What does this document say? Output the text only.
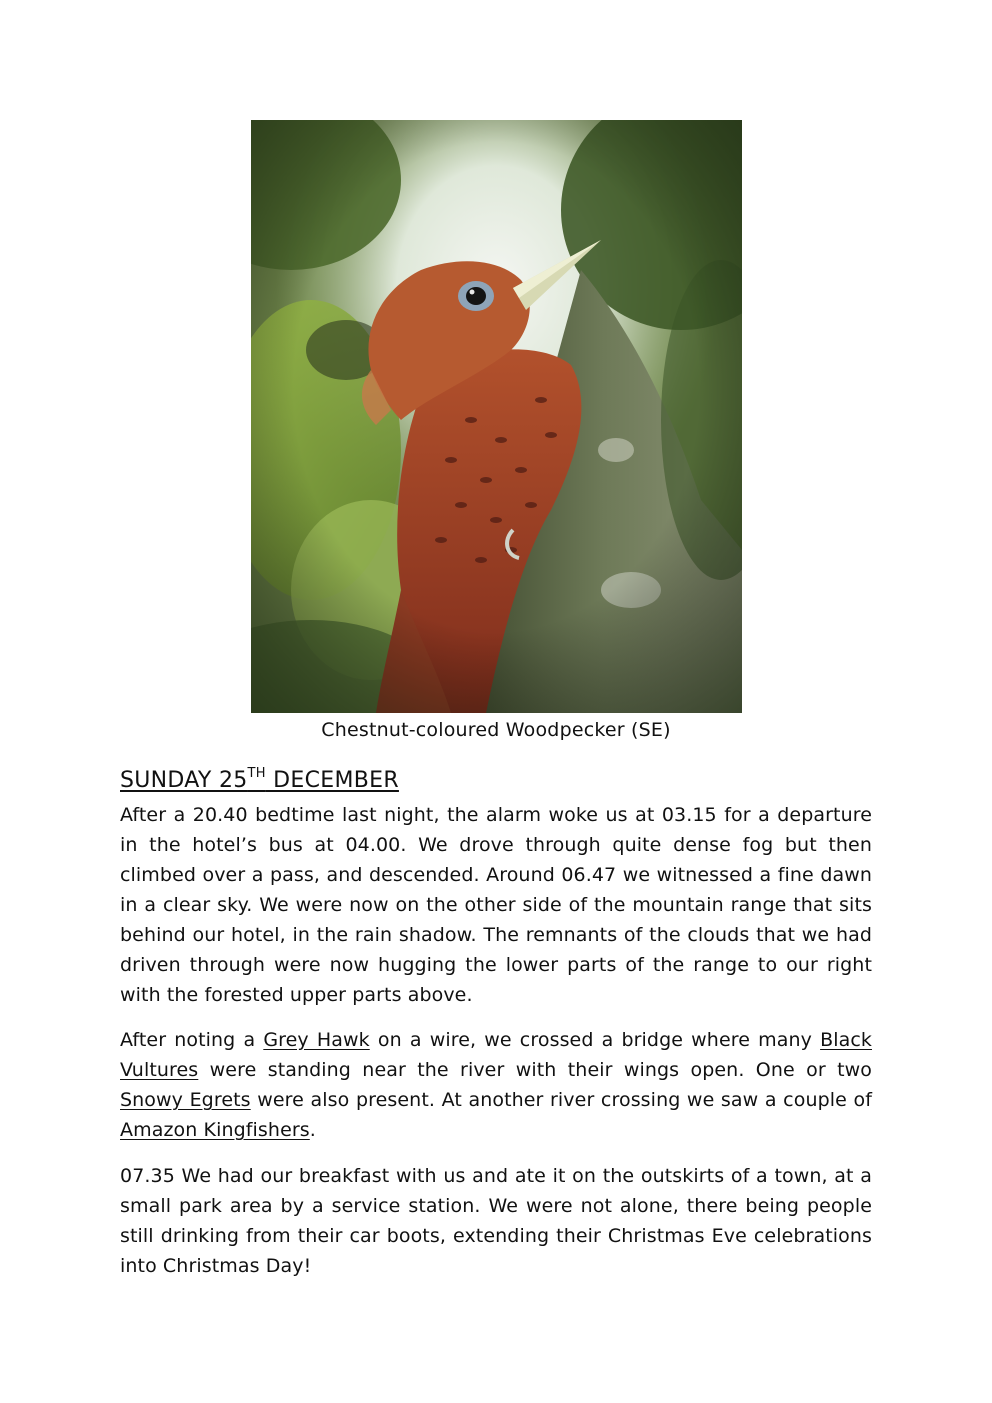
Chestnut-coloured Woodpecker (SE)
SUNDAY 25TH DECEMBER

After a 20.40 bedtime last night, the alarm woke us at 03.15 for a departure in the hotel’s bus at 04.00. We drove through quite dense fog but then climbed over a pass, and descended. Around 06.47 we witnessed a fine dawn in a clear sky. We were now on the other side of the mountain range that sits behind our hotel, in the rain shadow. The remnants of the clouds that we had driven through were now hugging the lower parts of the range to our right with the forested upper parts above.

After noting a Grey Hawk on a wire, we crossed a bridge where many Black Vultures were standing near the river with their wings open. One or two Snowy Egrets were also present. At another river crossing we saw a couple of Amazon Kingfishers.

07.35 We had our breakfast with us and ate it on the outskirts of a town, at a small park area by a service station. We were not alone, there being people still drinking from their car boots, extending their Christmas Eve celebrations into Christmas Day!
